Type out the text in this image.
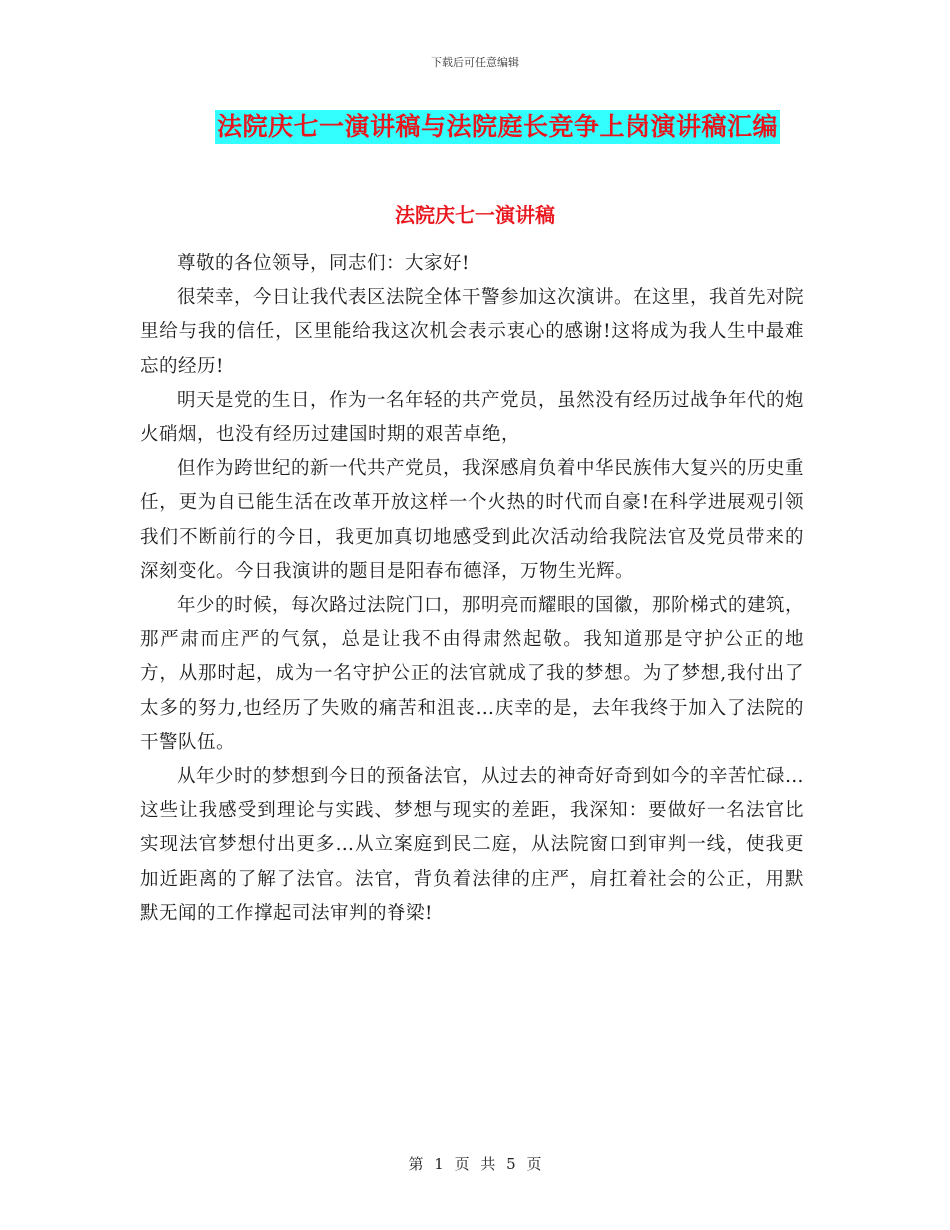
下载后可任意编辑
法院庆七一演讲稿与法院庭长竞争上岗演讲稿汇编
法院庆七一演讲稿

尊敬的各位领导，同志们：大家好!

很荣幸，今日让我代表区法院全体干警参加这次演讲。在这里，我首先对院里给与我的信任，区里能给我这次机会表示衷心的感谢!这将成为我人生中最难忘的经历!

明天是党的生日，作为一名年轻的共产党员，虽然没有经历过战争年代的炮火硝烟，也没有经历过建国时期的艰苦卓绝，

但作为跨世纪的新一代共产党员，我深感肩负着中华民族伟大复兴的历史重任，更为自已能生活在改革开放这样一个火热的时代而自豪!在科学进展观引领我们不断前行的今日，我更加真切地感受到此次活动给我院法官及党员带来的深刻变化。今日我演讲的题目是阳春布德泽，万物生光辉。

年少的时候，每次路过法院门口，那明亮而耀眼的国徽，那阶梯式的建筑，那严肃而庄严的气氛，总是让我不由得肃然起敬。我知道那是守护公正的地方，从那时起，成为一名守护公正的法官就成了我的梦想。为了梦想,我付出了太多的努力,也经历了失败的痛苦和沮丧…庆幸的是，去年我终于加入了法院的干警队伍。

从年少时的梦想到今日的预备法官，从过去的神奇好奇到如今的辛苦忙碌…这些让我感受到理论与实践、梦想与现实的差距，我深知：要做好一名法官比实现法官梦想付出更多…从立案庭到民二庭，从法院窗口到审判一线，使我更加近距离的了解了法官。法官，背负着法律的庄严，肩扛着社会的公正，用默默无闻的工作撑起司法审判的脊梁!

第 1 页 共 5 页
